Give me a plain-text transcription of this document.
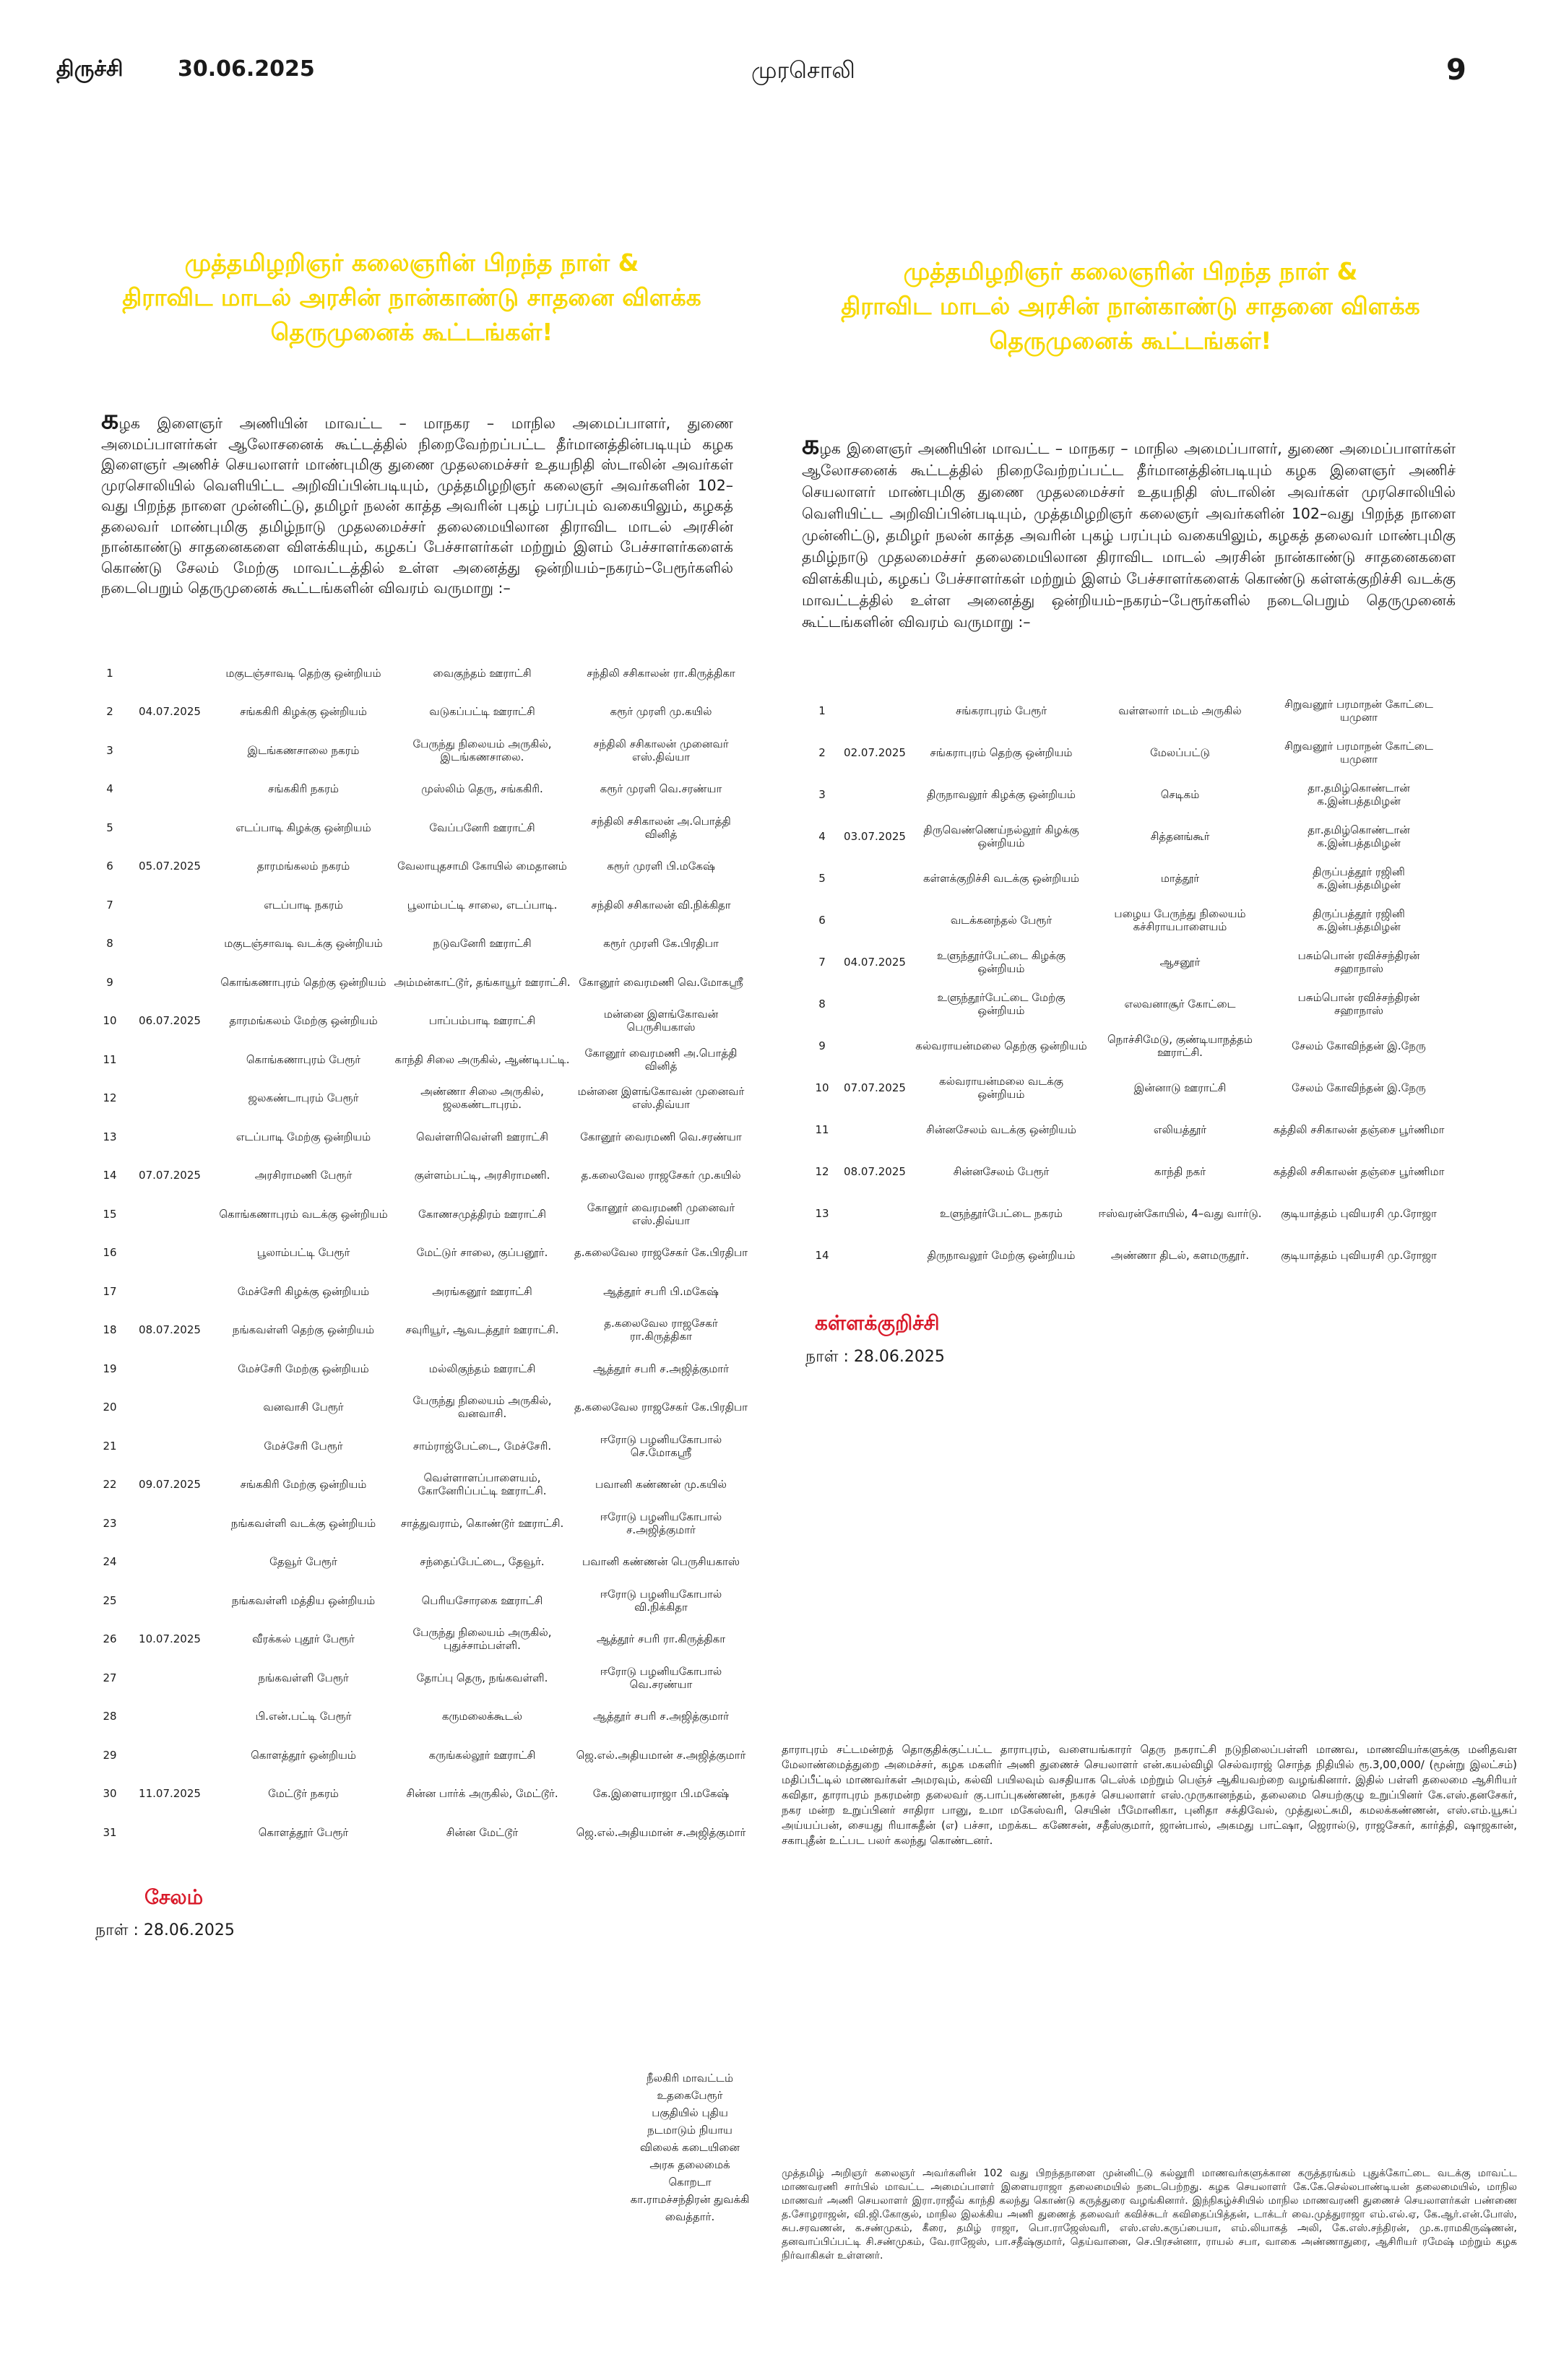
திருச்சி	30.06.2025	முரசொலி	9
முத்தமிழறிஞர் கலைஞரின் பிறந்த நாள் &
திராவிட மாடல் அரசின் நான்காண்டு சாதனை விளக்க
தெருமுனைக் கூட்டங்கள்!
கழக இளைஞர் அணியின் மாவட்ட – மாநகர – மாநில அமைப்பாளர், துணை அமைப்பாளர்கள் ஆலோசனைக் கூட்டத்தில் நிறைவேற்றப்பட்ட தீர்மானத்தின்படியும் கழக இளைஞர் அணிச் செயலாளர் மாண்புமிகு துணை முதலமைச்சர் உதயநிதி ஸ்டாலின் அவர்கள் முரசொலியில் வெளியிட்ட அறிவிப்பின்படியும், முத்தமிழறிஞர் கலைஞர் அவர்களின் 102–வது பிறந்த நாளை முன்னிட்டு, தமிழர் நலன் காத்த அவரின் புகழ் பரப்பும் வகையிலும், கழகத் தலைவர் மாண்புமிகு தமிழ்நாடு முதலமைச்சர் தலைமையிலான திராவிட மாடல் அரசின் நான்காண்டு சாதனைகளை விளக்கியும், கழகப் பேச்சாளர்கள் மற்றும் இளம் பேச்சாளர்களைக் கொண்டு சேலம் மேற்கு மாவட்டத்தில் உள்ள அனைத்து ஒன்றியம்–நகரம்–பேரூர்களில் நடைபெறும் தெருமுனைக் கூட்டங்களின் விவரம் வருமாறு :–
1		மகுடஞ்சாவடி தெற்கு ஒன்றியம்	வைகுந்தம் ஊராட்சி	சந்திலி சசிகாலன் ரா.கிருத்திகா
2	04.07.2025	சங்ககிரி கிழக்கு ஒன்றியம்	வடுகப்பட்டி ஊராட்சி	கரூர் முரளி மு.கயில்
3		இடங்கணசாலை நகரம்	பேருந்து நிலையம் அருகில், இடங்கணசாலை.	சந்திலி சசிகாலன் முனைவர் எஸ்.திவ்யா
4		சங்ககிரி நகரம்	முஸ்லிம் தெரு, சங்ககிரி.	கரூர் முரளி வெ.சரண்யா
5		எடப்பாடி கிழக்கு ஒன்றியம்	வேப்பனேரி ஊராட்சி	சந்திலி சசிகாலன் அ.பொத்தி வினித்
6	05.07.2025	தாரமங்கலம் நகரம்	வேலாயுதசாமி கோயில் மைதானம்	கரூர் முரளி பி.மகேஷ்
7		எடப்பாடி நகரம்	பூலாம்பட்டி சாலை, எடப்பாடி.	சந்திலி சசிகாலன் வி.நிக்கிதா
8		மகுடஞ்சாவடி வடக்கு ஒன்றியம்	நடுவனேரி ஊராட்சி	கரூர் முரளி கே.பிரதிபா
9		கொங்கணாபுரம் தெற்கு ஒன்றியம்	அம்மன்காட்டூர், தங்காயூர் ஊராட்சி.	கோனூர் வைரமணி வெ.மோகஸ்ரீ
10	06.07.2025	தாரமங்கலம் மேற்கு ஒன்றியம்	பாப்பம்பாடி ஊராட்சி	மன்னை இளங்கோவன் பெருசியகாஸ்
11		கொங்கணாபுரம் பேரூர்	காந்தி சிலை அருகில், ஆண்டிபட்டி.	கோனூர் வைரமணி அ.பொத்தி வினித்
12		ஜலகண்டாபுரம் பேரூர்	அண்ணா சிலை அருகில், ஜலகண்டாபுரம்.	மன்னை இளங்கோவன் முனைவர் எஸ்.திவ்யா
13		எடப்பாடி மேற்கு ஒன்றியம்	வெள்ளரிவெள்ளி ஊராட்சி	கோனூர் வைரமணி வெ.சரண்யா
14	07.07.2025	அரசிராமணி பேரூர்	குள்ளம்பட்டி, அரசிராமணி.	த.கலைவேல ராஜசேகர் மு.கயில்
15		கொங்கணாபுரம் வடக்கு ஒன்றியம்	கோணசமுத்திரம் ஊராட்சி	கோனூர் வைரமணி முனைவர் எஸ்.திவ்யா
16		பூலாம்பட்டி பேரூர்	மேட்டுர் சாலை, குப்பனூர்.	த.கலைவேல ராஜசேகர் கே.பிரதிபா
17		மேச்சேரி கிழக்கு ஒன்றியம்	அரங்கனூர் ஊராட்சி	ஆத்தூர் சபரி பி.மகேஷ்
18	08.07.2025	நங்கவள்ளி தெற்கு ஒன்றியம்	சவுரியூர், ஆவடத்தூர் ஊராட்சி.	த.கலைவேல ராஜசேகர் ரா.கிருத்திகா
19		மேச்சேரி மேற்கு ஒன்றியம்	மல்லிகுந்தம் ஊராட்சி	ஆத்தூர் சபரி ச.அஜித்குமார்
20		வனவாசி பேரூர்	பேருந்து நிலையம் அருகில், வனவாசி.	த.கலைவேல ராஜசேகர் கே.பிரதிபா
21		மேச்சேரி பேரூர்	சாம்ராஜ்பேட்டை, மேச்சேரி.	ஈரோடு பழனியகோபால் செ.மோகஸ்ரீ
22	09.07.2025	சங்ககிரி மேற்கு ஒன்றியம்	வெள்ளாளப்பாளையம், கோனேரிப்பட்டி ஊராட்சி.	பவானி கண்ணன் மு.கயில்
23		நங்கவள்ளி வடக்கு ஒன்றியம்	சாத்துவராம், கொண்டூர் ஊராட்சி.	ஈரோடு பழனியகோபால் ச.அஜித்குமார்
24		தேவூர் பேரூர்	சந்தைப்பேட்டை, தேவூர்.	பவானி கண்ணன் பெருசியகாஸ்
25		நங்கவள்ளி மத்திய ஒன்றியம்	பெரியசோரகை ஊராட்சி	ஈரோடு பழனியகோபால் வி.நிக்கிதா
26	10.07.2025	வீரக்கல் புதூர் பேரூர்	பேருந்து நிலையம் அருகில், புதுச்சாம்பள்ளி.	ஆத்தூர் சபரி ரா.கிருத்திகா
27		நங்கவள்ளி பேரூர்	தோப்பு தெரு, நங்கவள்ளி.	ஈரோடு பழனியகோபால் வெ.சரண்யா
28		பி.என்.பட்டி பேரூர்	கருமலைக்கூடல்	ஆத்தூர் சபரி ச.அஜித்குமார்
29		கொளத்தூர் ஒன்றியம்	கருங்கல்லூர் ஊராட்சி	ஜெ.எல்.அதியமான் ச.அஜித்குமார்
30	11.07.2025	மேட்டூர் நகரம்	சின்ன பார்க் அருகில், மேட்டூர்.	கே.இளையராஜா பி.மகேஷ்
31		கொளத்தூர் பேரூர்	சின்ன மேட்டூர்	ஜெ.எல்.அதியமான் ச.அஜித்குமார்
சேலம்
நாள் : 28.06.2025
முத்தமிழறிஞர் கலைஞரின் பிறந்த நாள் &
திராவிட மாடல் அரசின் நான்காண்டு சாதனை விளக்க
தெருமுனைக் கூட்டங்கள்!
கழக இளைஞர் அணியின் மாவட்ட – மாநகர – மாநில அமைப்பாளர், துணை அமைப்பாளர்கள் ஆலோசனைக் கூட்டத்தில் நிறைவேற்றப்பட்ட தீர்மானத்தின்படியும் கழக இளைஞர் அணிச் செயலாளர் மாண்புமிகு துணை முதலமைச்சர் உதயநிதி ஸ்டாலின் அவர்கள் முரசொலியில் வெளியிட்ட அறிவிப்பின்படியும், முத்தமிழறிஞர் கலைஞர் அவர்களின் 102–வது பிறந்த நாளை முன்னிட்டு, தமிழர் நலன் காத்த அவரின் புகழ் பரப்பும் வகையிலும், கழகத் தலைவர் மாண்புமிகு தமிழ்நாடு முதலமைச்சர் தலைமையிலான திராவிட மாடல் அரசின் நான்காண்டு சாதனைகளை விளக்கியும், கழகப் பேச்சாளர்கள் மற்றும் இளம் பேச்சாளர்களைக் கொண்டு கள்ளக்குறிச்சி வடக்கு மாவட்டத்தில் உள்ள அனைத்து ஒன்றியம்–நகரம்–பேரூர்களில் நடைபெறும் தெருமுனைக் கூட்டங்களின் விவரம் வருமாறு :–
1		சங்கராபுரம் பேரூர்	வள்ளலார் மடம் அருகில்	சிறுவனூர் பரமாநன் கோட்டை யமுனா
2	02.07.2025	சங்கராபுரம் தெற்கு ஒன்றியம்	மேலப்பட்டு	சிறுவனூர் பரமாநன் கோட்டை யமுனா
3		திருநாவலூர் கிழக்கு ஒன்றியம்	செடிகம்	தா.தமிழ்கொண்டான் க.இன்பத்தமிழன்
4	03.07.2025	திருவெண்ணெய்நல்லூர் கிழக்கு ஒன்றியம்	சித்தனங்கூர்	தா.தமிழ்கொண்டான் க.இன்பத்தமிழன்
5		கள்ளக்குறிச்சி வடக்கு ஒன்றியம்	மாத்தூர்	திருப்பத்தூர் ரஜினி க.இன்பத்தமிழன்
6		வடக்கனந்தல் பேரூர்	பழைய பேருந்து நிலையம் கச்சிராயபாளையம்	திருப்பத்தூர் ரஜினி க.இன்பத்தமிழன்
7	04.07.2025	உளுந்தூர்பேட்டை கிழக்கு ஒன்றியம்	ஆசனூர்	பசும்பொன் ரவிச்சந்திரன் சஹாநாஸ்
8		உளுந்தூர்பேட்டை மேற்கு ஒன்றியம்	எலவனாசூர் கோட்டை	பசும்பொன் ரவிச்சந்திரன் சஹாநாஸ்
9		கல்வராயன்மலை தெற்கு ஒன்றியம்	நொச்சிமேடு, குண்டியாநத்தம் ஊராட்சி.	சேலம் கோவிந்தன் இ.நேரு
10	07.07.2025	கல்வராயன்மலை வடக்கு ஒன்றியம்	இன்னாடு ஊராட்சி	சேலம் கோவிந்தன் இ.நேரு
11		சின்னசேலம் வடக்கு ஒன்றியம்	எலியத்தூர்	கத்திலி சசிகாலன் தஞ்சை பூர்ணிமா
12	08.07.2025	சின்னசேலம் பேரூர்	காந்தி நகர்	கத்திலி சசிகாலன் தஞ்சை பூர்ணிமா
13		உளுந்தூர்பேட்டை நகரம்	ஈஸ்வரன்கோயில், 4–வது வார்டு.	குடியாத்தம் புவியரசி மு.ரோஜா
14		திருநாவலூர் மேற்கு ஒன்றியம்	அண்ணா திடல், களமருதூர்.	குடியாத்தம் புவியரசி மு.ரோஜா
கள்ளக்குறிச்சி
நாள் : 28.06.2025
தாராபுரம் சட்டமன்றத் தொகுதிக்குட்பட்ட தாராபுரம், வளையங்காரர் தெரு நகராட்சி நடுநிலைப்பள்ளி மாணவ, மாணவியர்களுக்கு மனிதவள மேலாண்மைத்துறை அமைச்சர், கழக மகளிர் அணி துணைச் செயலாளர் என்.கயல்விழி செல்வராஜ் சொந்த நிதியில் ரூ.3,00,000/ (மூன்று இலட்சம்) மதிப்பீட்டில் மாணவர்கள் அமரவும், கல்வி பயிலவும் வசதியாக டெஸ்க் மற்றும் பெஞ்ச் ஆகியவற்றை வழங்கினார். இதில் பள்ளி தலைமை ஆசிரியர் கவிதா, தாராபுரம் நகரமன்ற தலைவர் கு.பாப்புகண்ணன், நகரச் செயலாளர் எஸ்.முருகானந்தம், தலைமை செயற்குழு உறுப்பினர் கே.எஸ்.தனசேகர், நகர மன்ற உறுப்பினர் சாதிரா பானு, உமா மகேஸ்வரி, செயின் பீமோனிகா, புனிதா சக்திவேல், முத்துலட்சுமி, கமலக்கண்ணன், எஸ்.எம்.யூசுப் அய்யப்பன், சையது ரியாசுதீன் (எ) பச்சா, மறக்கட கணேசன், சதீஸ்குமார், ஜான்பால், அகமது பாட்ஷா, ஜெரால்டு, ராஜசேகர், கார்த்தி, ஷாஜகான், சகாபுதீன் உட்பட பலர் கலந்து கொண்டனர்.
முத்தமிழ் அறிஞர் கலைஞர் அவர்களின் 102 வது பிறந்தநாளை முன்னிட்டு கல்லூரி மாணவர்களுக்கான கருத்தரங்கம் புதுக்கோட்டை வடக்கு மாவட்ட மாணவரணி சார்பில் மாவட்ட அமைப்பாளர் இளையராஜா தலைமையில் நடைபெற்றது. கழக செயலாளர் கே.கே.செல்லபாண்டியன் தலைமையில், மாநில மாணவர் அணி செயலாளர் இரா.ராஜீவ் காந்தி கலந்து கொண்டு கருத்துரை வழங்கினார். இந்நிகழ்ச்சியில் மாநில மாணவரணி துணைச் செயலாளர்கள் பண்ணை த.சோழராஜன், வி.ஜி.கோகுல், மாநில இலக்கிய அணி துணைத் தலைவர் கவிச்சுடர் கவிதைப்பித்தன், டாக்டர் வை.முத்துராஜா எம்.எல்.ஏ, கே.ஆர்.என்.போஸ், சுப.சரவணன், க.சண்முகம், கீரை, தமிழ் ராஜா, பொ.ராஜேஸ்வரி, எஸ்.எஸ்.கருப்பையா, எம்.லியாகத் அலி, கே.எஸ்.சந்திரன், மு.க.ராமகிருஷ்ணன், தனவாப்பிப்பட்டி சி.சண்முகம், வே.ராஜேஸ், பா.சதீஷ்குமார், தெய்வானை, செ.பிரசன்னா, ராயல் சபா, வாகை அண்ணாதுரை, ஆசிரியர் ரமேஷ் மற்றும் கழக நிர்வாகிகள் உள்ளனர்.
நீலகிரி மாவட்டம்
உதகைபேரூர்
பகுதியில் புதிய
நடமாடும் நியாய
விலைக் கடையினை
அரசு தலைமைக்
கொறடா
கா.ராமச்சந்திரன் துவக்கி
வைத்தார்.
